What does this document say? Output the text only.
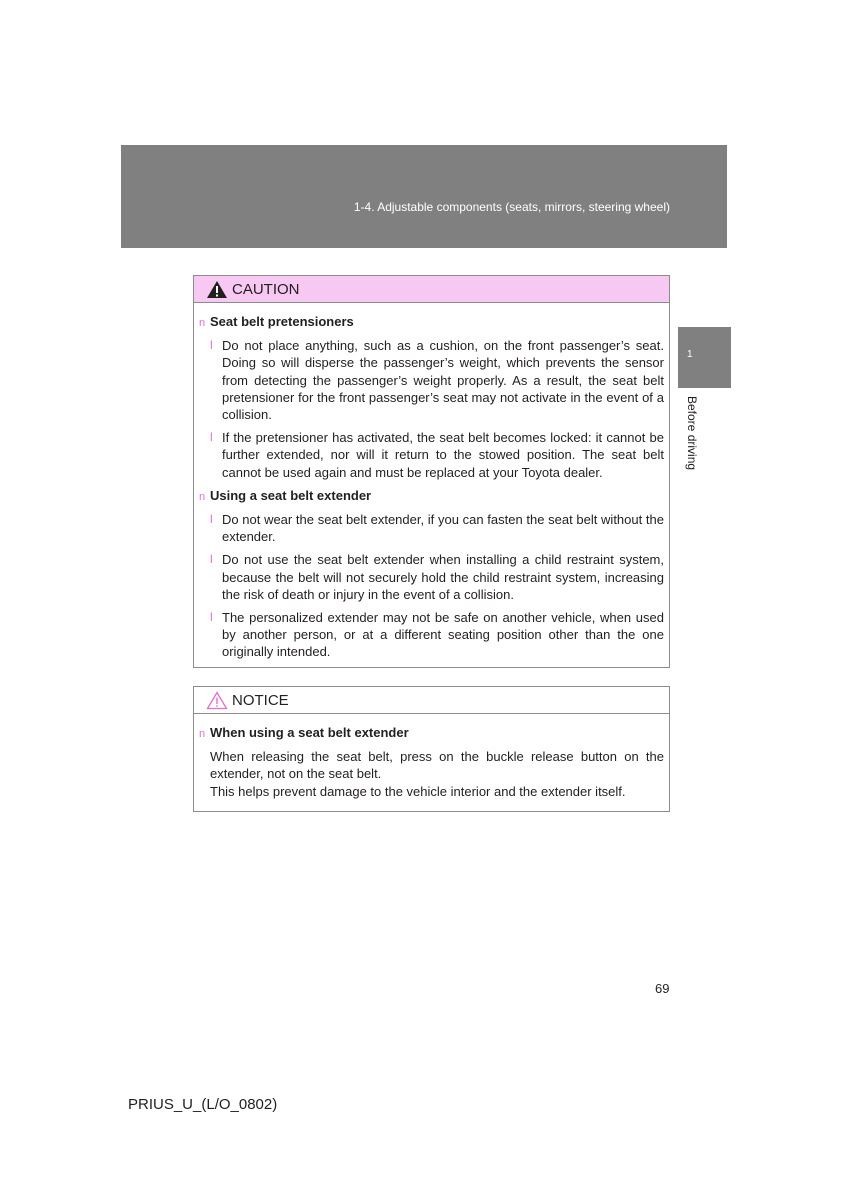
1-4. Adjustable components (seats, mirrors, steering wheel)
1
Before driving
CAUTION
n Seat belt pretensioners
l Do not place anything, such as a cushion, on the front passenger’s seat. Doing so will disperse the passenger’s weight, which prevents the sensor from detecting the passenger’s weight properly. As a result, the seat belt pretensioner for the front passenger’s seat may not activate in the event of a collision.
l If the pretensioner has activated, the seat belt becomes locked: it cannot be further extended, nor will it return to the stowed position. The seat belt cannot be used again and must be replaced at your Toyota dealer.
n Using a seat belt extender
l Do not wear the seat belt extender, if you can fasten the seat belt without the extender.
l Do not use the seat belt extender when installing a child restraint system, because the belt will not securely hold the child restraint system, increasing the risk of death or injury in the event of a collision.
l The personalized extender may not be safe on another vehicle, when used by another person, or at a different seating position other than the one originally intended.
NOTICE
n When using a seat belt extender
When releasing the seat belt, press on the buckle release button on the extender, not on the seat belt.
This helps prevent damage to the vehicle interior and the extender itself.
69
PRIUS_U_(L/O_0802)
